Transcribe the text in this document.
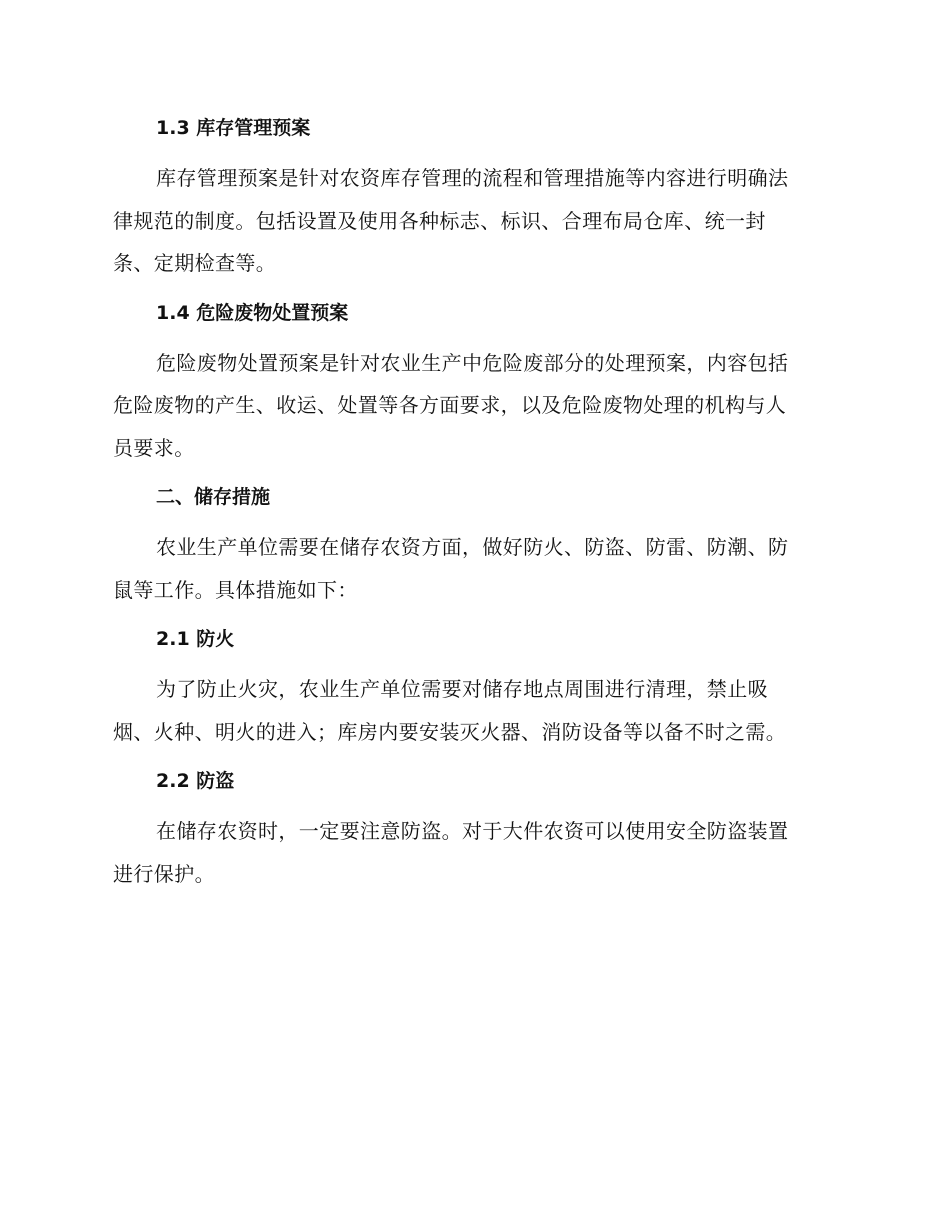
1.3 库存管理预案
库存管理预案是针对农资库存管理的流程和管理措施等内容进行明确法
律规范的制度。包括设置及使用各种标志、标识、合理布局仓库、统一封
条、定期检查等。
1.4 危险废物处置预案
危险废物处置预案是针对农业生产中危险废部分的处理预案，内容包括
危险废物的产生、收运、处置等各方面要求，以及危险废物处理的机构与人
员要求。
二、储存措施
农业生产单位需要在储存农资方面，做好防火、防盗、防雷、防潮、防
鼠等工作。具体措施如下：
2.1 防火
为了防止火灾，农业生产单位需要对储存地点周围进行清理，禁止吸
烟、火种、明火的进入；库房内要安装灭火器、消防设备等以备不时之需。
2.2 防盗
在储存农资时，一定要注意防盗。对于大件农资可以使用安全防盗装置
进行保护。
